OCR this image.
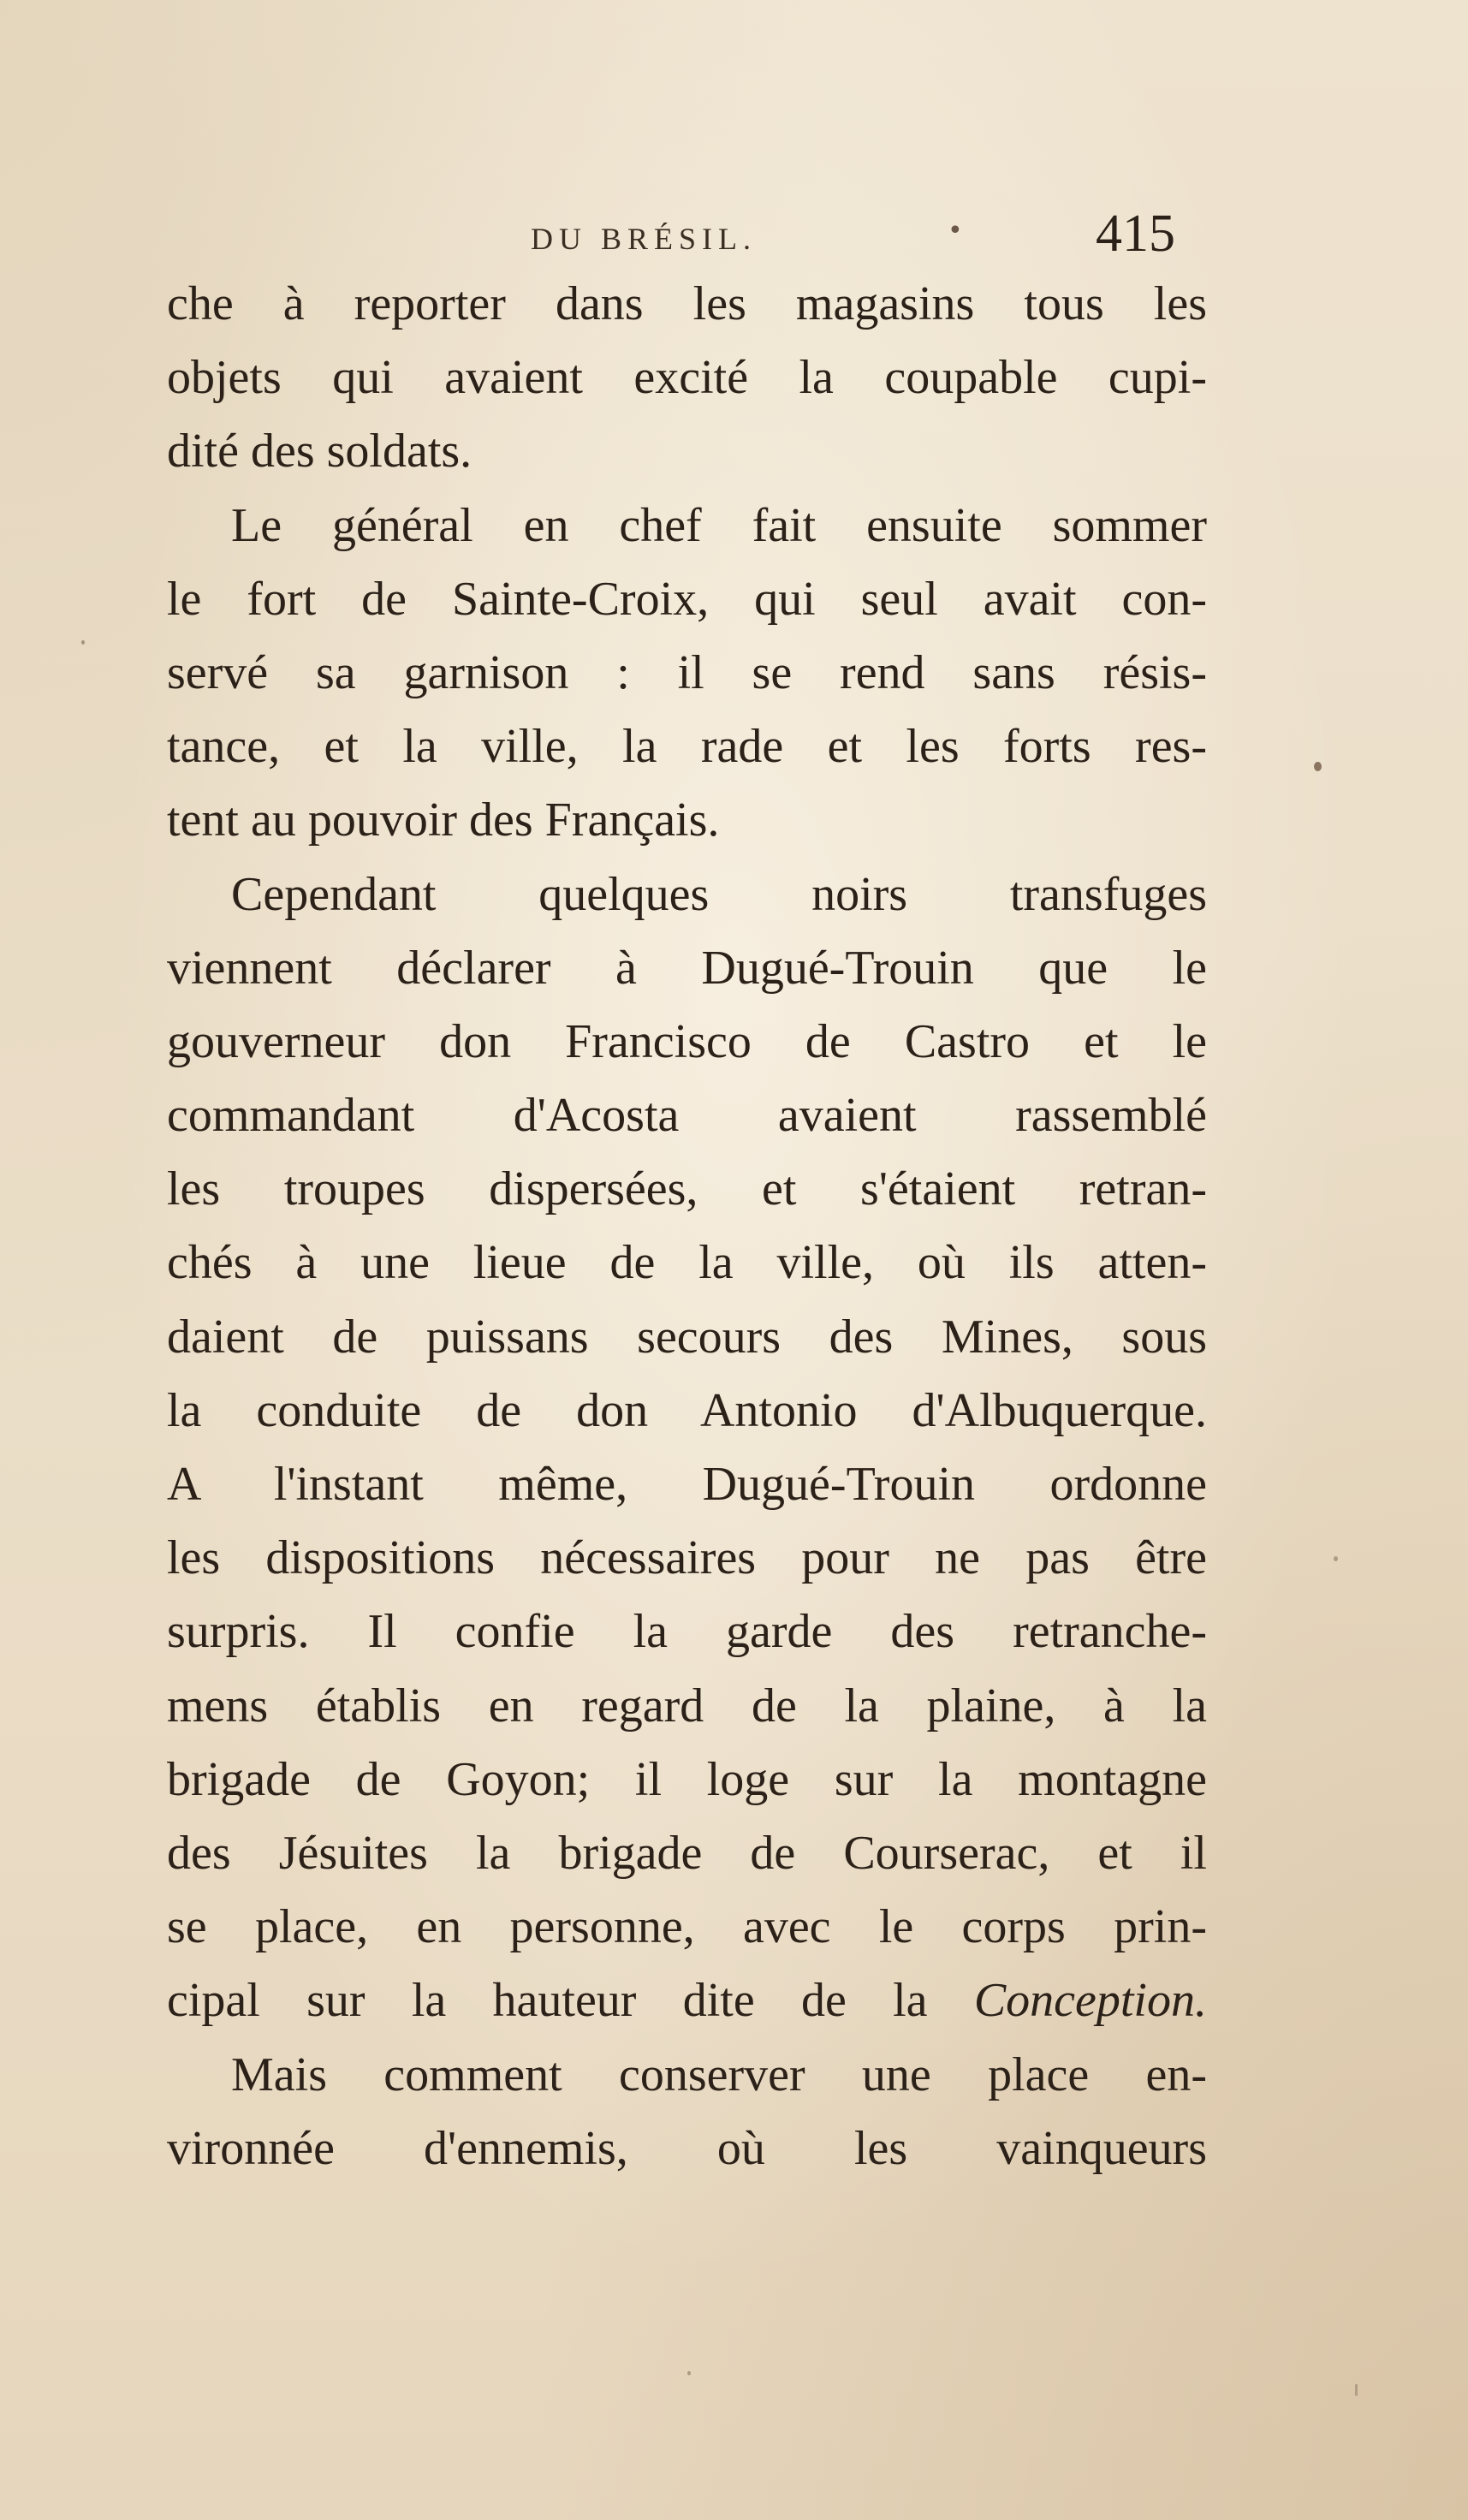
DU BRÉSIL.	•	415
che à reporter dans les magasins tous les
objets qui avaient excité la coupable cupi-
dité des soldats.
Le général en chef fait ensuite sommer
le fort de Sainte-Croix, qui seul avait con-
servé sa garnison : il se rend sans résis-
tance, et la ville, la rade et les forts res-
tent au pouvoir des Français.
Cependant quelques noirs transfuges
viennent déclarer à Dugué-Trouin que le
gouverneur don Francisco de Castro et le
commandant d'Acosta avaient rassemblé
les troupes dispersées, et s'étaient retran-
chés à une lieue de la ville, où ils atten-
daient de puissans secours des Mines, sous
la conduite de don Antonio d'Albuquerque.
A l'instant même, Dugué-Trouin ordonne
les dispositions nécessaires pour ne pas être
surpris. Il confie la garde des retranche-
mens établis en regard de la plaine, à la
brigade de Goyon; il loge sur la montagne
des Jésuites la brigade de Courserac, et il
se place, en personne, avec le corps prin-
cipal sur la hauteur dite de la Conception.
Mais comment conserver une place en-
vironnée d'ennemis, où les vainqueurs
